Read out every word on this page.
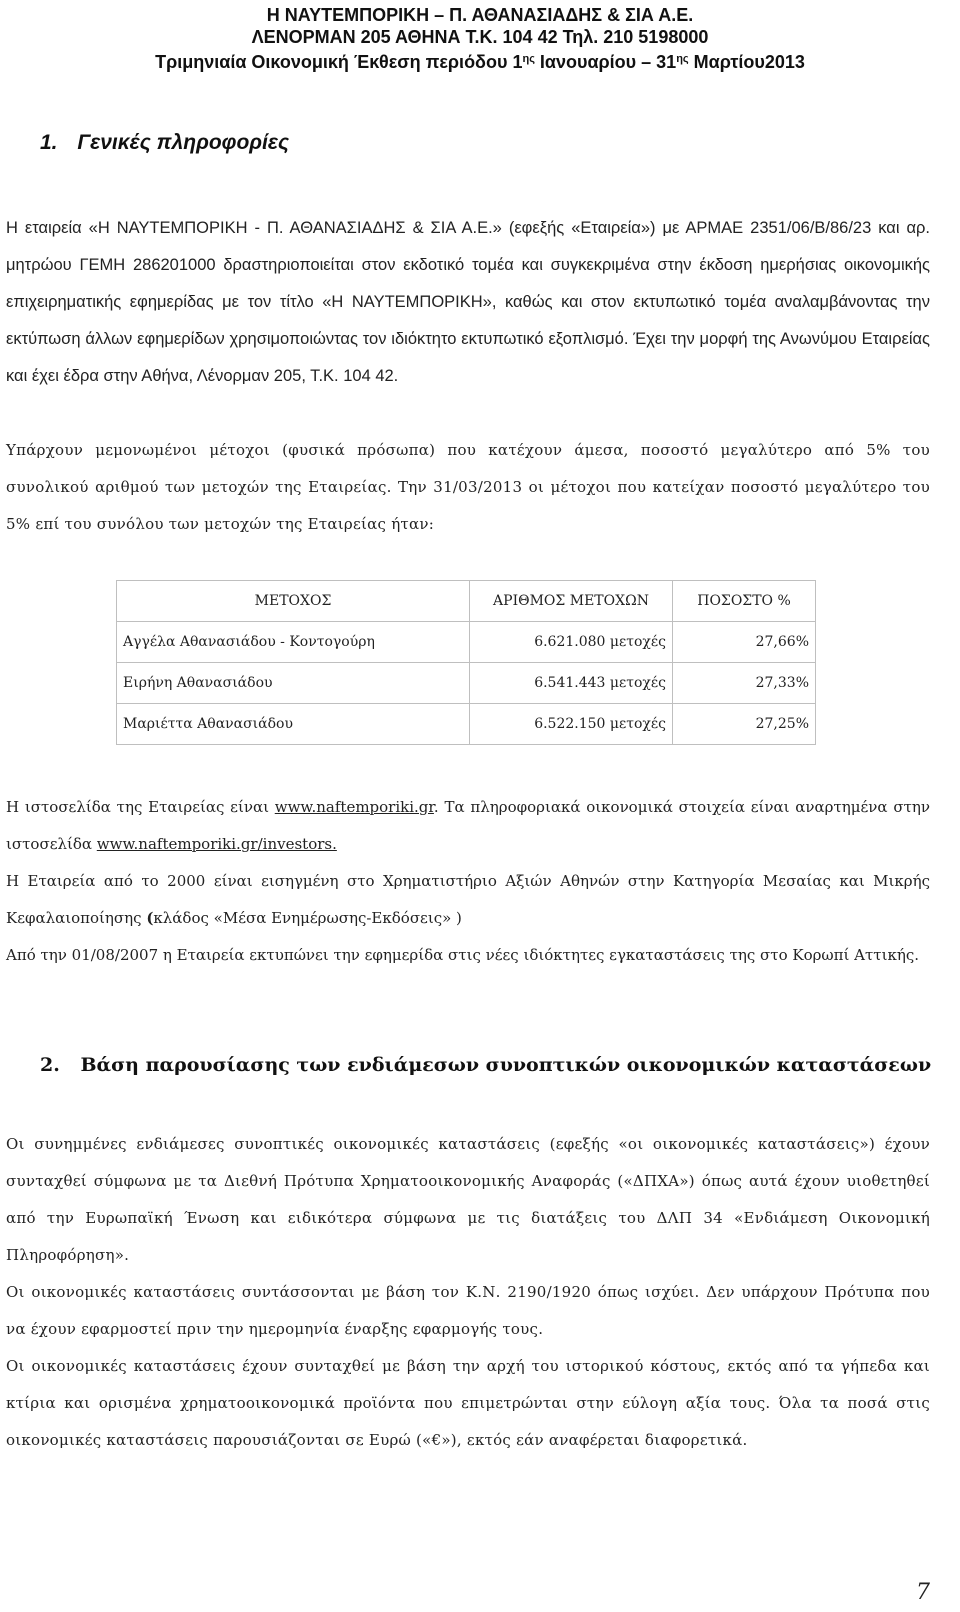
Η ΝΑΥΤΕΜΠΟΡΙΚΗ – Π. ΑΘΑΝΑΣΙΑΔΗΣ & ΣΙΑ Α.Ε.
ΛΕΝΟΡΜΑΝ 205 ΑΘΗΝΑ Τ.Κ. 104 42 Τηλ. 210 5198000
Τριμηνιαία Οικονομική Έκθεση περιόδου $1^{\eta\varsigma}$ Ιανουαρίου – $31^{\eta\varsigma}$ Μαρτίου2013
1. Γενικές πληροφορίες

Η εταιρεία «Η ΝΑΥΤΕΜΠΟΡΙΚΗ - Π. ΑΘΑΝΑΣΙΑΔΗΣ & ΣΙΑ Α.Ε.» (εφεξής «Εταιρεία») με ΑΡΜΑΕ 2351/06/Β/86/23 και αρ. μητρώου ΓΕΜΗ 286201000 δραστηριοποιείται στον εκδοτικό τομέα και συγκεκριμένα στην έκδοση ημερήσιας οικονομικής επιχειρηματικής εφημερίδας με τον τίτλο «Η ΝΑΥΤΕΜΠΟΡΙΚΗ», καθώς και στον εκτυπωτικό τομέα αναλαμβάνοντας την εκτύπωση άλλων εφημερίδων χρησιμοποιώντας τον ιδιόκτητο εκτυπωτικό εξοπλισμό. Έχει την μορφή της Ανωνύμου Εταιρείας και έχει έδρα στην Αθήνα, Λένορμαν 205, Τ.Κ. 104 42.

Υπάρχουν μεμονωμένοι μέτοχοι (φυσικά πρόσωπα) που κατέχουν άμεσα, ποσοστό μεγαλύτερο από 5% του συνολικού αριθμού των μετοχών της Εταιρείας. Την 31/03/2013 οι μέτοχοι που κατείχαν ποσοστό μεγαλύτερο του 5% επί του συνόλου των μετοχών της Εταιρείας ήταν:

ΜΕΤΟΧΟΣ	ΑΡΙΘΜΟΣ ΜΕΤΟΧΩΝ	ΠΟΣΟΣΤΟ %
Αγγέλα Αθανασιάδου - Κοντογούρη	6.621.080 μετοχές	27,66%
Ειρήνη Αθανασιάδου	6.541.443 μετοχές	27,33%
Μαριέττα Αθανασιάδου	6.522.150 μετοχές	27,25%
Η ιστοσελίδα της Εταιρείας είναι www.naftemporiki.gr. Τα πληροφοριακά οικονομικά στοιχεία είναι αναρτημένα στην ιστοσελίδα www.naftemporiki.gr/investors.
Η Εταιρεία από το 2000 είναι εισηγμένη στο Χρηματιστήριο Αξιών Αθηνών στην Κατηγορία Μεσαίας και Μικρής Κεφαλαιοποίησης (κλάδος «Μέσα Ενημέρωσης-Εκδόσεις» )
Από την 01/08/2007 η Εταιρεία εκτυπώνει την εφημερίδα στις νέες ιδιόκτητες εγκαταστάσεις της στο Κορωπί Αττικής.
2. Βάση παρουσίασης των ενδιάμεσων συνοπτικών οικονομικών καταστάσεων
Οι συνημμένες ενδιάμεσες συνοπτικές οικονομικές καταστάσεις (εφεξής «οι οικονομικές καταστάσεις») έχουν συνταχθεί σύμφωνα με τα Διεθνή Πρότυπα Χρηματοοικονομικής Αναφοράς («ΔΠΧΑ») όπως αυτά έχουν υιοθετηθεί από την Ευρωπαϊκή Ένωση και ειδικότερα σύμφωνα με τις διατάξεις του ΔΛΠ 34 «Ενδιάμεση Οικονομική Πληροφόρηση».
Οι οικονομικές καταστάσεις συντάσσονται με βάση τον Κ.Ν. 2190/1920 όπως ισχύει. Δεν υπάρχουν Πρότυπα που να έχουν εφαρμοστεί πριν την ημερομηνία έναρξης εφαρμογής τους.
Οι οικονομικές καταστάσεις έχουν συνταχθεί με βάση την αρχή του ιστορικού κόστους, εκτός από τα γήπεδα και κτίρια και ορισμένα χρηματοοικονομικά προϊόντα που επιμετρώνται στην εύλογη αξία τους. Όλα τα ποσά στις οικονομικές καταστάσεις παρουσιάζονται σε Ευρώ («€»), εκτός εάν αναφέρεται διαφορετικά.
7
